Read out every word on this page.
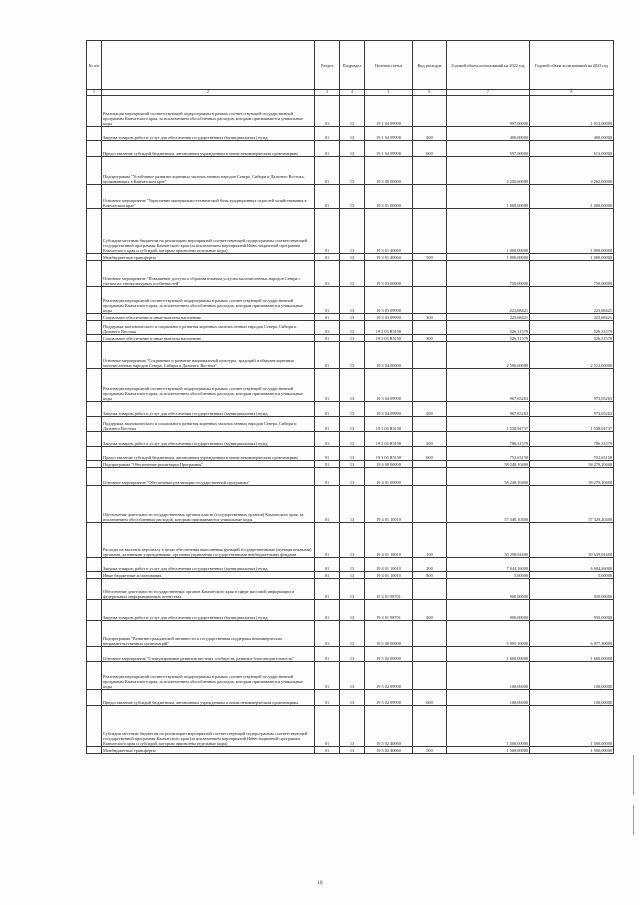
№ п/п		Раздел	Подраздел	Целевая статья	Вид расходов	Годовой объем ассигнований на 2022 год	Годовой объем ассигнований на 2023 год
1	2	3	4	5	6	7	8
	Реализация мероприятий соответствующей подпрограммы в рамках соответствующей государственной программы Камчатского края, за исключением обособленных расходов, которым присваиваются уникальные коды	01	13	19 1 04 09990		997,00000	1 013,00000
	Закупка товаров, работ и услуг для обеспечения государственных (муниципальных) нужд	01	13	19 1 04 09990	200	400,00000	400,00000
	Предоставление субсидий бюджетным, автономным учреждениям и иным некоммерческим организациям	01	13	19 1 04 09990	600	597,00000	613,00000
	Подпрограмма "Устойчивое развитие коренных малочисленных народов Севера, Сибири и Дальнего Востока, проживающих в Камчатском крае"	01	13	19 3 00 00000		4 256,60000	4 262,00000
	Основное мероприятие "Укрепление материально-технической базы традиционных отраслей хозяйствования в Камчатском крае"	01	13	19 3 01 00000		1 000,00000	1 000,00000
	Субсидии местным бюджетам на реализацию мероприятий соответствующей подпрограммы соответствующей государственной программы Камчатского края (за исключением мероприятий Инвестиционной программы Камчатского края и субсидий, которым присвоены отдельные коды)	01	13	19 3 01 40060		1 000,00000	1 000,00000
	Межбюджетные трансферты	01	13	19 3 01 40060	500	1 000,00000	1 000,00000
	Основное мероприятие "Повышение доступа к образовательным услугам малочисленных народов Севера с учетом их этнокультурных особенностей"	01	13	19 3 03 00000		750,00000	750,00000
	Реализация мероприятий соответствующей подпрограммы в рамках соответствующей государственной программы Камчатского края, за исключением обособленных расходов, которым присваиваются уникальные коды	01	13	19 3 03 09990		223,68421	223,68421
	Социальное обеспечение и иные выплаты населению	01	13	19 3 03 09990	300	223,68421	223,68421
	Поддержка экономического и социального развития коренных малочисленных народов Севера, Сибири и Дальнего Востока	01	13	19 3 03 R5150		526,31579	526,31579
	Социальное обеспечение и иные выплаты населению	01	13	19 3 03 R5150	300	526,31579	526,31579
	Основное мероприятие "Сохранение и развитие национальной культуры, традиций и обычаев коренных малочисленных народов Севера, Сибири и Дальнего Востока"	01	13	19 3 04 00000		2 506,60000	2 512,00000
	Реализация мероприятий соответствующей подпрограммы в рамках соответствующей государственной программы Камчатского края, за исключением обособленных расходов, которым присваиваются уникальные коды	01	13	19 3 04 09990		967,65263	973,05263
	Закупка товаров, работ и услуг для обеспечения государственных (муниципальных) нужд	01	13	19 3 04 09990	200	967,65263	973,05263
	Поддержка экономического и социального развития коренных малочисленных народов Севера, Сибири и Дальнего Востока	01	13	19 3 04 R5150		1 538,94737	1 538,94737
	Закупка товаров, работ и услуг для обеспечения государственных (муниципальных) нужд	01	13	19 3 04 R5150	200	786,31579	786,31579
	Предоставление субсидий бюджетным, автономным учреждениям и иным некоммерческим организациям	01	13	19 3 04 R5150	600	752,63158	752,63158
	Подпрограмма "Обеспечение реализации Программы"	01	13	19 4 00 00000		58 248,10400	58 279,20400
	Основное мероприятие "Обеспечение реализации государственной программы"	01	13	19 4 01 00000		58 248,10400	58 279,20400
	Обеспечение деятельности государственных органов власти (государственных органов) Камчатского края, за исключением обособленных расходов, которым присваиваются уникальные коды	01	13	19 4 01 10010		57 348,10400	57 329,20400
	Расходы на выплаты персоналу в целях обеспечения выполнения функций государственными (муниципальными) органами, казенными учреждениями, органами управления государственными внебюджетными фондами	01	13	19 4 01 10010	100	50 298,94400	50 639,94400
	Закупка товаров, работ и услуг для обеспечения государственных (муниципальных) нужд	01	13	19 4 01 10010	200	7 044,16000	6 684,26000
	Иные бюджетные ассигнования	01	13	19 4 01 10010	800	5,00000	5,00000
	Обеспечение деятельности государственных органов Камчатского края в сфере массовой информации и федеральных информационных агентствах	01	13	19 4 01 98701		900,00000	950,00000
	Закупка товаров, работ и услуг для обеспечения государственных (муниципальных) нужд	01	13	19 4 01 98701	200	900,00000	950,00000
	Подпрограмма "Развитие гражданской активности и государственная поддержка некоммерческих неправительственных организаций"	01	13	19 5 00 00000		5 995,10000	6 077,30000
	Основное мероприятие "Стимулирование развития местных сообществ, развитие благотворительности"	01	13	19 5 02 00000		1 600,00000	1 600,00000
	Реализация мероприятий соответствующей подпрограммы в рамках соответствующей государственной программы Камчатского края, за исключением обособленных расходов, которым присваиваются уникальные коды	01	13	19 5 02 09990		100,00000	100,00000
	Предоставление субсидий бюджетным, автономным учреждениям и иным некоммерческим организациям	01	13	19 5 02 09990	600	100,00000	100,00000
	Субсидии местным бюджетам на реализацию мероприятий соответствующей подпрограммы соответствующей государственной программы Камчатского края (за исключением мероприятий Инвестиционной программы Камчатского края и субсидий, которым присвоены отдельные коды)	01	13	19 5 02 40060		1 500,00000	1 500,00000
	Межбюджетные трансферты	01	13	19 5 02 40060	500	1 500,00000	1 500,00000
10
